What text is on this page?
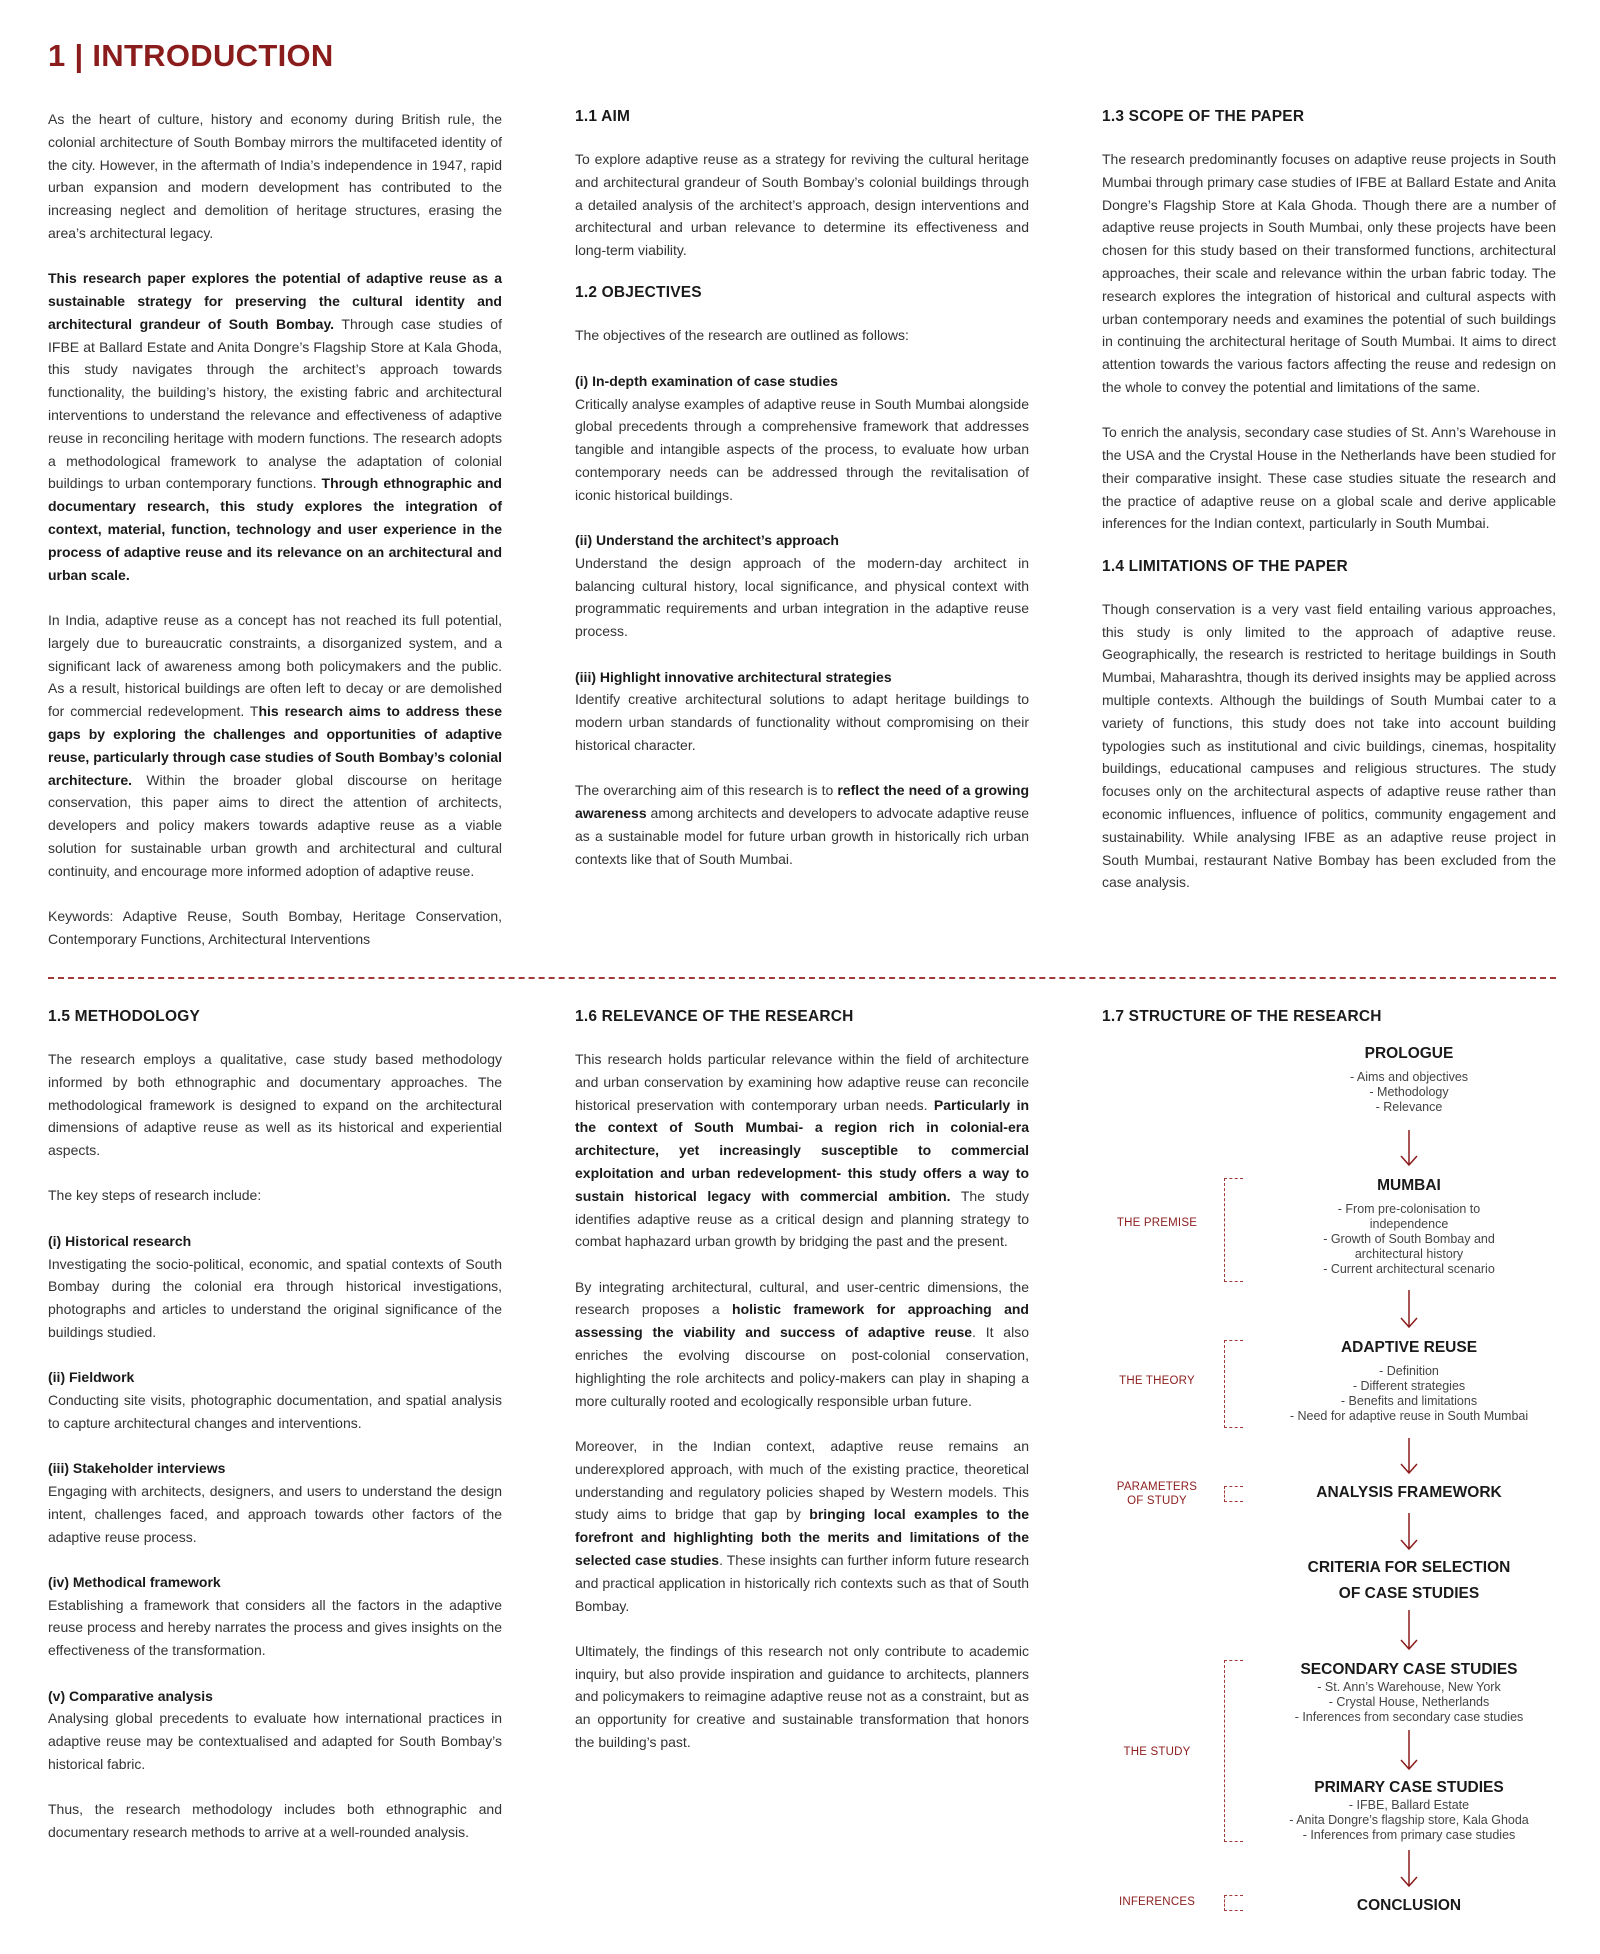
1 | INTRODUCTION

As the heart of culture, history and economy during British rule, the colonial architecture of South Bombay mirrors the multifaceted identity of the city. However, in the aftermath of India’s independence in 1947, rapid urban expansion and modern development has contributed to the increasing neglect and demolition of heritage structures, erasing the area’s architectural legacy.

This research paper explores the potential of adaptive reuse as a sustainable strategy for preserving the cultural identity and architectural grandeur of South Bombay. Through case studies of IFBE at Ballard Estate and Anita Dongre’s Flagship Store at Kala Ghoda, this study navigates through the architect’s approach towards functionality, the building’s history, the existing fabric and architectural interventions to understand the relevance and effectiveness of adaptive reuse in reconciling heritage with modern functions. The research adopts a methodological framework to analyse the adaptation of colonial buildings to urban contemporary functions. Through ethnographic and documentary research, this study explores the integration of context, material, function, technology and user experience in the process of adaptive reuse and its relevance on an architectural and urban scale.

In India, adaptive reuse as a concept has not reached its full potential, largely due to bureaucratic constraints, a disorganized system, and a significant lack of awareness among both policymakers and the public. As a result, historical buildings are often left to decay or are demolished for commercial redevelopment. This research aims to address these gaps by exploring the challenges and opportunities of adaptive reuse, particularly through case studies of South Bombay’s colonial architecture. Within the broader global discourse on heritage conservation, this paper aims to direct the attention of architects, developers and policy makers towards adaptive reuse as a viable solution for sustainable urban growth and architectural and cultural continuity, and encourage more informed adoption of adaptive reuse.

Keywords: Adaptive Reuse, South Bombay, Heritage Conservation, Contemporary Functions, Architectural Interventions

1.1 AIM

To explore adaptive reuse as a strategy for reviving the cultural heritage and architectural grandeur of South Bombay’s colonial buildings through a detailed analysis of the architect’s approach, design interventions and architectural and urban relevance to determine its effectiveness and long-term viability.

1.2 OBJECTIVES

The objectives of the research are outlined as follows:

(i) In-depth examination of case studies
Critically analyse examples of adaptive reuse in South Mumbai alongside global precedents through a comprehensive framework that addresses tangible and intangible aspects of the process, to evaluate how urban contemporary needs can be addressed through the revitalisation of iconic historical buildings.

(ii) Understand the architect’s approach
Understand the design approach of the modern-day architect in balancing cultural history, local significance, and physical context with programmatic requirements and urban integration in the adaptive reuse process.

(iii) Highlight innovative architectural strategies
Identify creative architectural solutions to adapt heritage buildings to modern urban standards of functionality without compromising on their historical character.

The overarching aim of this research is to reflect the need of a growing awareness among architects and developers to advocate adaptive reuse as a sustainable model for future urban growth in historically rich urban contexts like that of South Mumbai.

1.3 SCOPE OF THE PAPER

The research predominantly focuses on adaptive reuse projects in South Mumbai through primary case studies of IFBE at Ballard Estate and Anita Dongre’s Flagship Store at Kala Ghoda. Though there are a number of adaptive reuse projects in South Mumbai, only these projects have been chosen for this study based on their transformed functions, architectural approaches, their scale and relevance within the urban fabric today. The research explores the integration of historical and cultural aspects with urban contemporary needs and examines the potential of such buildings in continuing the architectural heritage of South Mumbai. It aims to direct attention towards the various factors affecting the reuse and redesign on the whole to convey the potential and limitations of the same.

To enrich the analysis, secondary case studies of St. Ann’s Warehouse in the USA and the Crystal House in the Netherlands have been studied for their comparative insight. These case studies situate the research and the practice of adaptive reuse on a global scale and derive applicable inferences for the Indian context, particularly in South Mumbai.

1.4 LIMITATIONS OF THE PAPER

Though conservation is a very vast field entailing various approaches, this study is only limited to the approach of adaptive reuse. Geographically, the research is restricted to heritage buildings in South Mumbai, Maharashtra, though its derived insights may be applied across multiple contexts. Although the buildings of South Mumbai cater to a variety of functions, this study does not take into account building typologies such as institutional and civic buildings, cinemas, hospitality buildings, educational campuses and religious structures. The study focuses only on the architectural aspects of adaptive reuse rather than economic influences, influence of politics, community engagement and sustainability. While analysing IFBE as an adaptive reuse project in South Mumbai, restaurant Native Bombay has been excluded from the case analysis.

1.5 METHODOLOGY

The research employs a qualitative, case study based methodology informed by both ethnographic and documentary approaches. The methodological framework is designed to expand on the architectural dimensions of adaptive reuse as well as its historical and experiential aspects.

The key steps of research include:

(i) Historical research
Investigating the socio-political, economic, and spatial contexts of South Bombay during the colonial era through historical investigations, photographs and articles to understand the original significance of the buildings studied.

(ii) Fieldwork
Conducting site visits, photographic documentation, and spatial analysis to capture architectural changes and interventions.

(iii) Stakeholder interviews
Engaging with architects, designers, and users to understand the design intent, challenges faced, and approach towards other factors of the adaptive reuse process.

(iv) Methodical framework
Establishing a framework that considers all the factors in the adaptive reuse process and hereby narrates the process and gives insights on the effectiveness of the transformation.

(v) Comparative analysis
Analysing global precedents to evaluate how international practices in adaptive reuse may be contextualised and adapted for South Bombay’s historical fabric.

Thus, the research methodology includes both ethnographic and documentary research methods to arrive at a well-rounded analysis.

1.6 RELEVANCE OF THE RESEARCH

This research holds particular relevance within the field of architecture and urban conservation by examining how adaptive reuse can reconcile historical preservation with contemporary urban needs. Particularly in the context of South Mumbai- a region rich in colonial-era architecture, yet increasingly susceptible to commercial exploitation and urban redevelopment- this study offers a way to sustain historical legacy with commercial ambition. The study identifies adaptive reuse as a critical design and planning strategy to combat haphazard urban growth by bridging the past and the present.

By integrating architectural, cultural, and user-centric dimensions, the research proposes a holistic framework for approaching and assessing the viability and success of adaptive reuse. It also enriches the evolving discourse on post-colonial conservation, highlighting the role architects and policy-makers can play in shaping a more culturally rooted and ecologically responsible urban future.

Moreover, in the Indian context, adaptive reuse remains an underexplored approach, with much of the existing practice, theoretical understanding and regulatory policies shaped by Western models. This study aims to bridge that gap by bringing local examples to the forefront and highlighting both the merits and limitations of the selected case studies. These insights can further inform future research and practical application in historically rich contexts such as that of South Bombay.

Ultimately, the findings of this research not only contribute to academic inquiry, but also provide inspiration and guidance to architects, planners and policymakers to reimagine adaptive reuse not as a constraint, but as an opportunity for creative and sustainable transformation that honors the building’s past.

1.7 STRUCTURE OF THE RESEARCH
PROLOGUE
- Aims and objectives
- Methodology
- Relevance
MUMBAI
- From pre-colonisation to
independence
- Growth of South Bombay and
architectural history
- Current architectural scenario
ADAPTIVE REUSE
- Definition
- Different strategies
- Benefits and limitations
- Need for adaptive reuse in South Mumbai
ANALYSIS FRAMEWORK
CRITERIA FOR SELECTION
OF CASE STUDIES
SECONDARY CASE STUDIES
- St. Ann’s Warehouse, New York
- Crystal House, Netherlands
- Inferences from secondary case studies
PRIMARY CASE STUDIES
- IFBE, Ballard Estate
- Anita Dongre’s flagship store, Kala Ghoda
- Inferences from primary case studies
CONCLUSION
THE PREMISE
THE THEORY
PARAMETERS
OF STUDY
THE STUDY
INFERENCES
